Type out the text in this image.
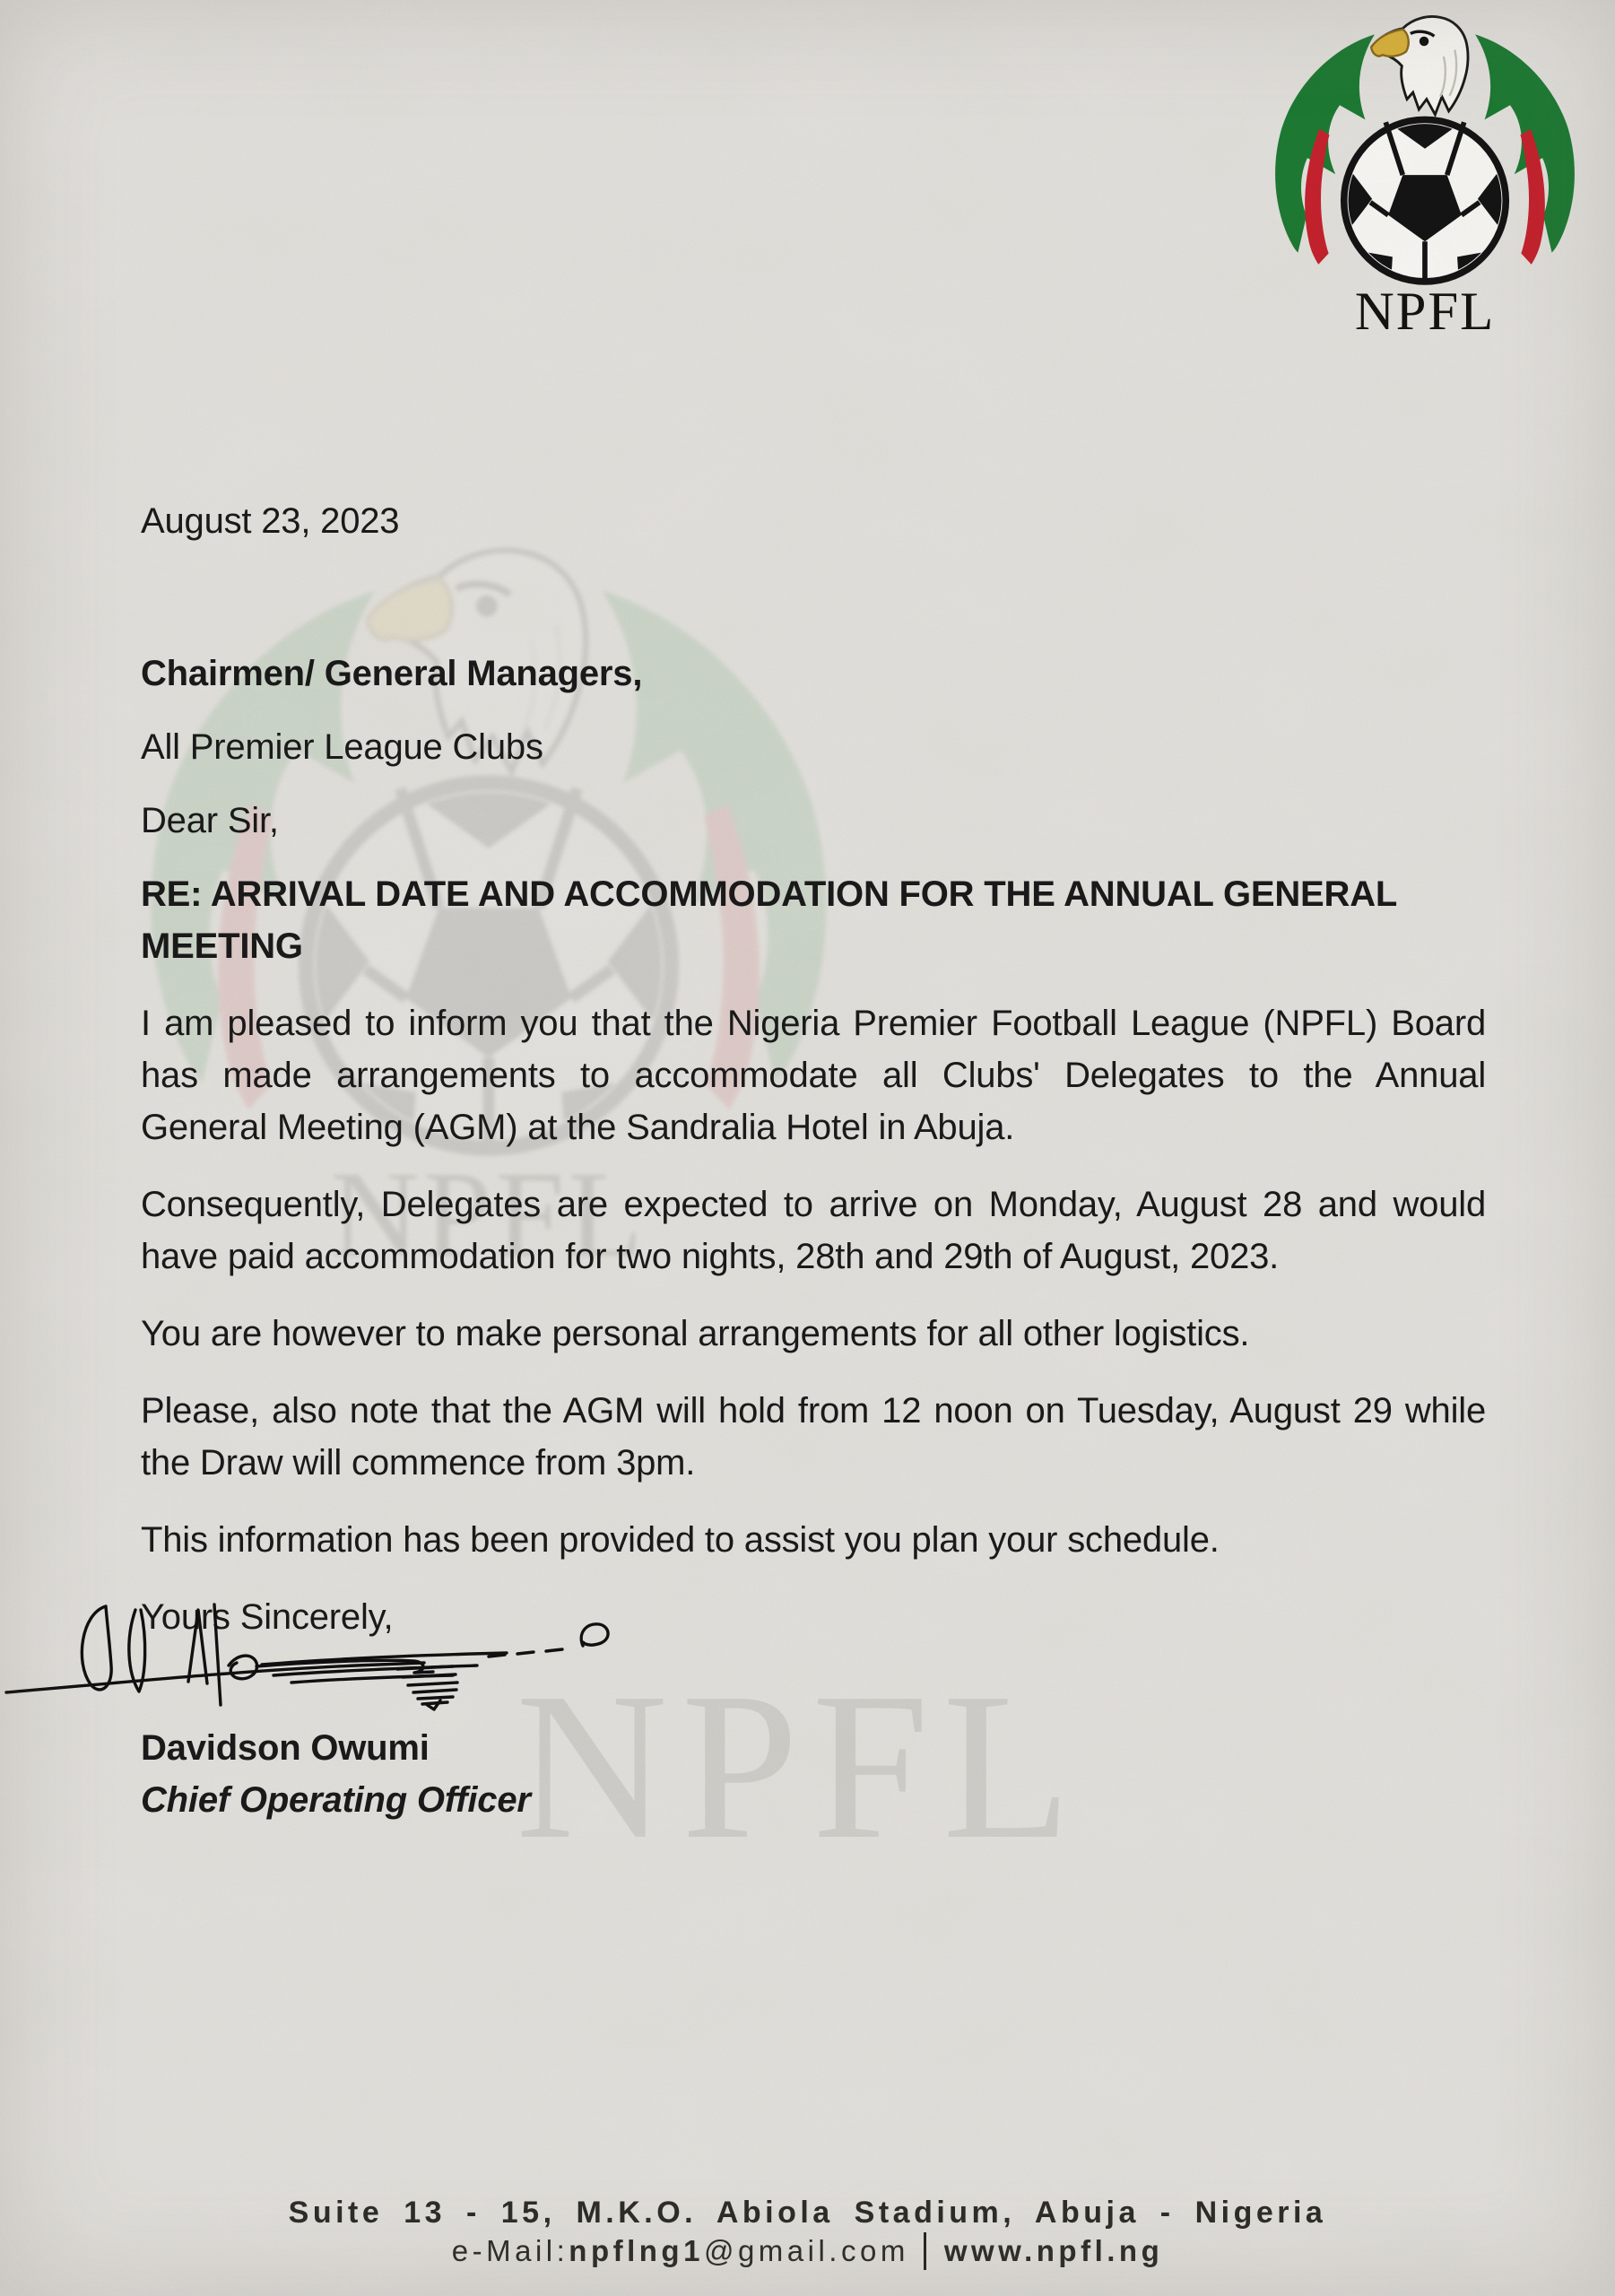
NPFL

August 23, 2023

Chairmen/ General Managers,

All Premier League Clubs

Dear Sir,

RE: ARRIVAL DATE AND ACCOMMODATION FOR THE ANNUAL GENERAL MEETING

I am pleased to inform you that the Nigeria Premier Football League (NPFL) Board
has made arrangements to accommodate all Clubs' Delegates to the Annual
General Meeting (AGM) at the Sandralia Hotel in Abuja.
Consequently, Delegates are expected to arrive on Monday, August 28 and would
have paid accommodation for two nights, 28th and 29th of August, 2023.
You are however to make personal arrangements for all other logistics.
Please, also note that the AGM will hold from 12 noon on Tuesday, August 29 while
the Draw will commence from 3pm.
This information has been provided to assist you plan your schedule.

Yours Sincerely,

Davidson Owumi

Chief Operating Officer

Suite 13 - 15, M.K.O. Abiola Stadium, Abuja - Nigeria
e-Mail:npflng1@gmail.com www.npfl.ng
